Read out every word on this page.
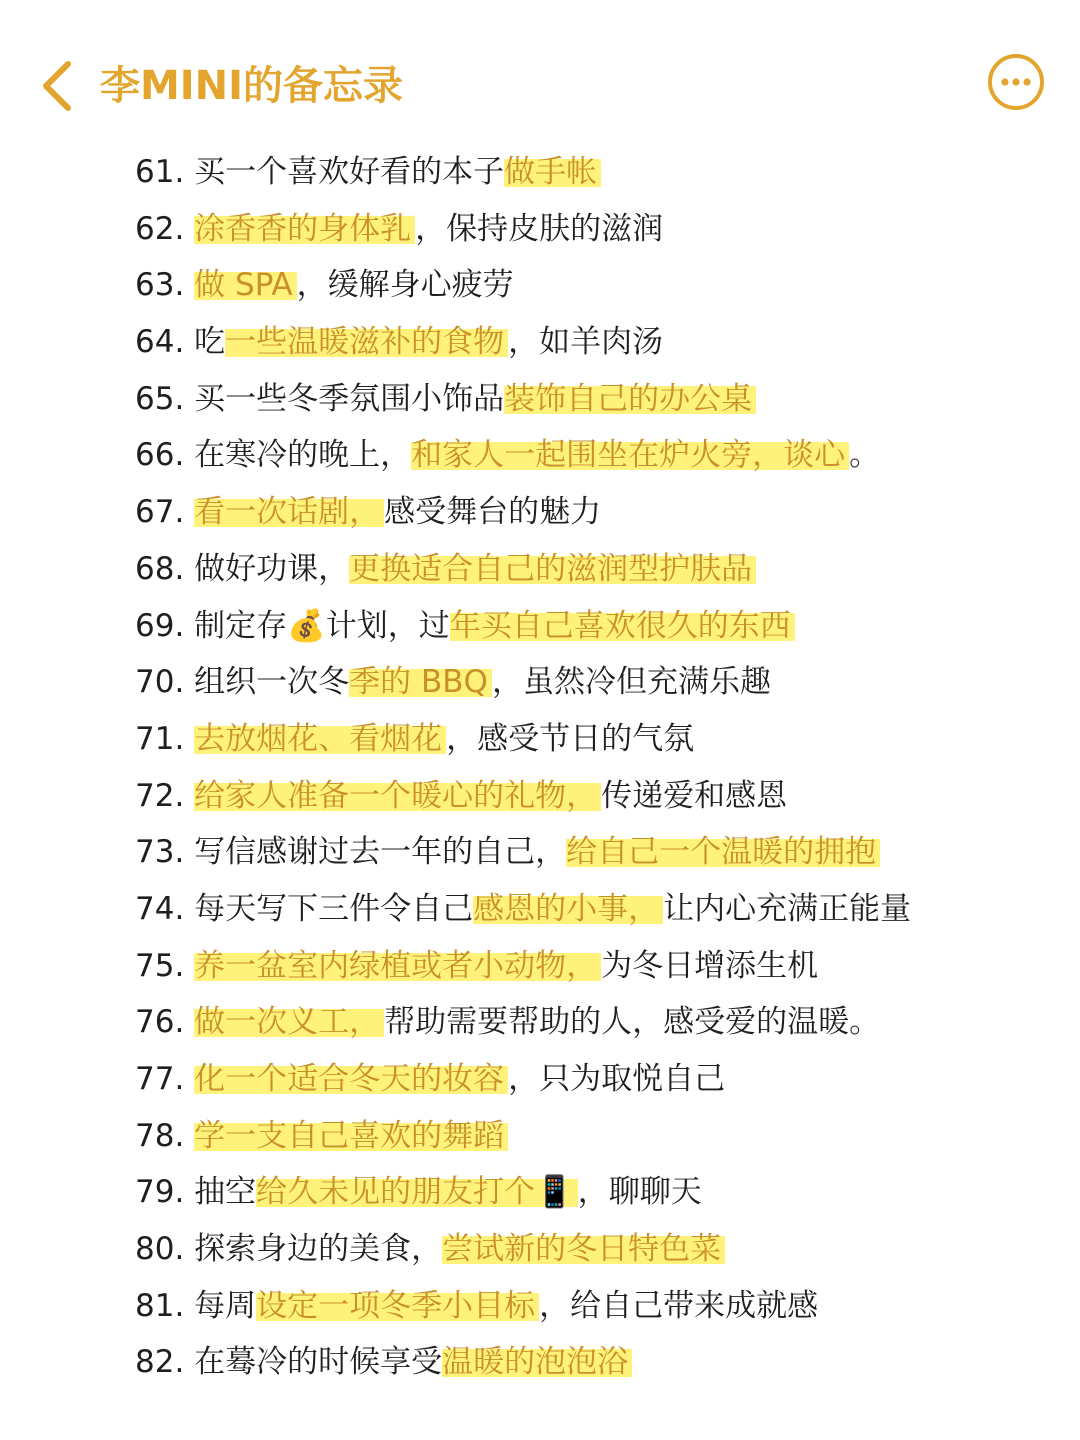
李MINI的备忘录
61. 买一个喜欢好看的本子做手帐
62. 涂香香的身体乳 ，保持皮肤的滋润
63. 做 SPA ，缓解身心疲劳
64. 吃一些温暖滋补的食物 ，如羊肉汤
65. 买一些冬季氛围小饰品装饰自己的办公桌
66. 在寒冷的晚上，和家人一起围坐在炉火旁，谈心 。
67. 看一次话剧， 感受舞台的魅力
68. 做好功课，更换适合自己的滋润型护肤品
69. 制定存💰计划，过年买自己喜欢很久的东西
70. 组织一次冬季的 BBQ ，虽然冷但充满乐趣
71. 去放烟花、看烟花 ，感受节日的气氛
72. 给家人准备一个暖心的礼物， 传递爱和感恩
73. 写信感谢过去一年的自己，给自己一个温暖的拥抱
74. 每天写下三件令自己感恩的小事， 让内心充满正能量
75. 养一盆室内绿植或者小动物， 为冬日增添生机
76. 做一次义工， 帮助需要帮助的人，感受爱的温暖。
77. 化一个适合冬天的妆容 ，只为取悦自己
78. 学一支自己喜欢的舞蹈
79. 抽空给久未见的朋友打个📱 ，聊聊天
80. 探索身边的美食，尝试新的冬日特色菜
81. 每周设定一项冬季小目标 ，给自己带来成就感
82. 在蓦冷的时候享受温暖的泡泡浴
